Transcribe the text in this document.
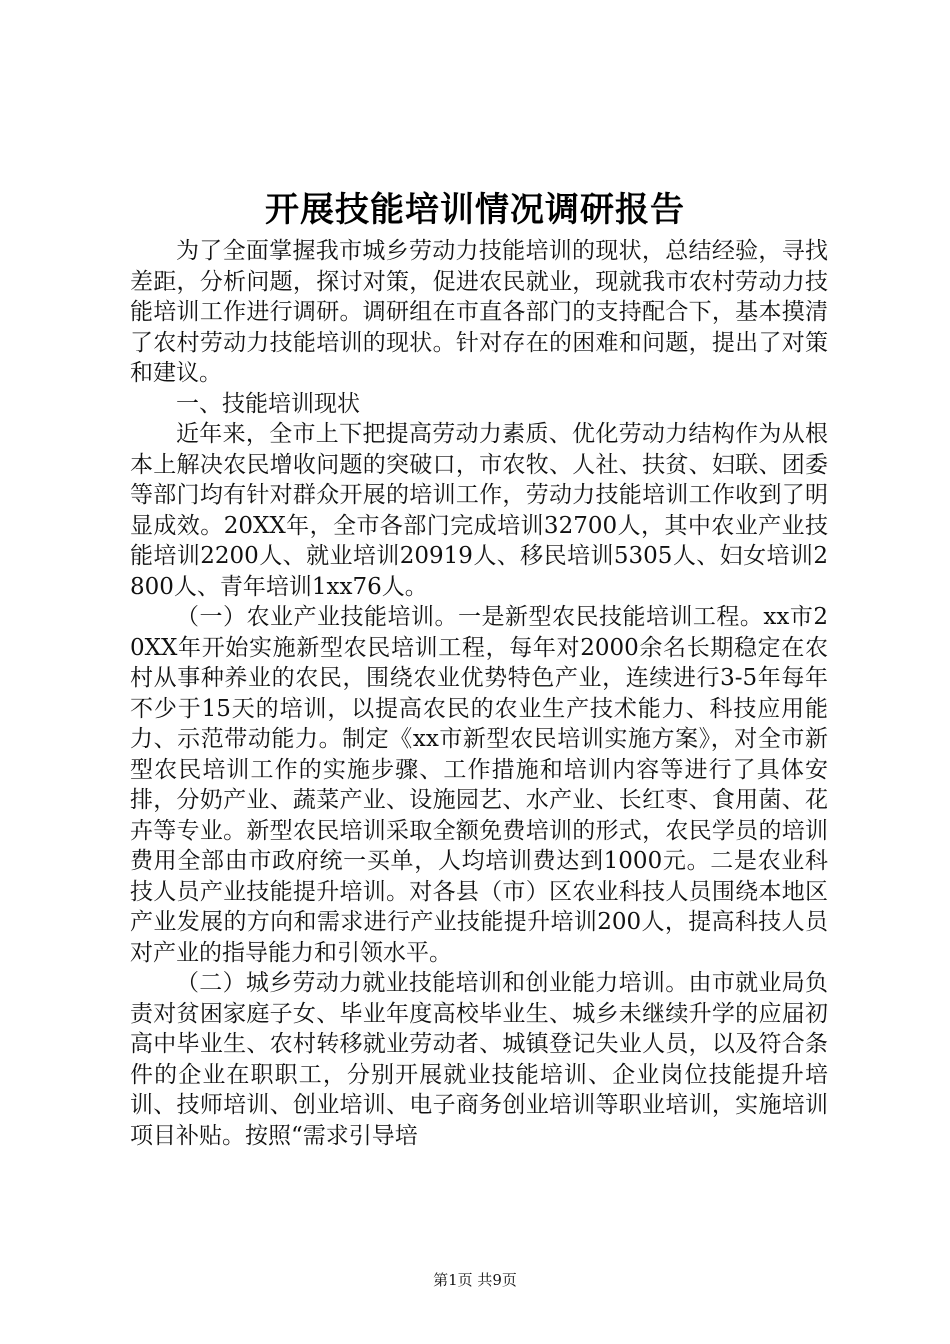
开展技能培训情况调研报告

为了全面掌握我市城乡劳动力技能培训的现状，总结经验，寻找差距，分析问题，探讨对策，促进农民就业，现就我市农村劳动力技能培训工作进行调研。调研组在市直各部门的支持配合下，基本摸清了农村劳动力技能培训的现状。针对存在的困难和问题，提出了对策和建议。

一、技能培训现状

近年来，全市上下把提高劳动力素质、优化劳动力结构作为从根本上解决农民增收问题的突破口，市农牧、人社、扶贫、妇联、团委等部门均有针对群众开展的培训工作，劳动力技能培训工作收到了明显成效。20XX年，全市各部门完成培训32700人，其中农业产业技能培训2200人、就业培训20919人、移民培训5305人、妇女培训2800人、青年培训1xx76人。

（一）农业产业技能培训。一是新型农民技能培训工程。xx市20XX年开始实施新型农民培训工程，每年对2000余名长期稳定在农村从事种养业的农民，围绕农业优势特色产业，连续进行3-5年每年不少于15天的培训，以提高农民的农业生产技术能力、科技应用能力、示范带动能力。制定《xx市新型农民培训实施方案》，对全市新型农民培训工作的实施步骤、工作措施和培训内容等进行了具体安排，分奶产业、蔬菜产业、设施园艺、水产业、长红枣、食用菌、花卉等专业。新型农民培训采取全额免费培训的形式，农民学员的培训费用全部由市政府统一买单，人均培训费达到1000元。二是农业科技人员产业技能提升培训。对各县（市）区农业科技人员围绕本地区产业发展的方向和需求进行产业技能提升培训200人，提高科技人员对产业的指导能力和引领水平。

（二）城乡劳动力就业技能培训和创业能力培训。由市就业局负责对贫困家庭子女、毕业年度高校毕业生、城乡未继续升学的应届初高中毕业生、农村转移就业劳动者、城镇登记失业人员，以及符合条件的企业在职职工，分别开展就业技能培训、企业岗位技能提升培训、技师培训、创业培训、电子商务创业培训等职业培训，实施培训项目补贴。按照“需求引导培

第1页 共9页
